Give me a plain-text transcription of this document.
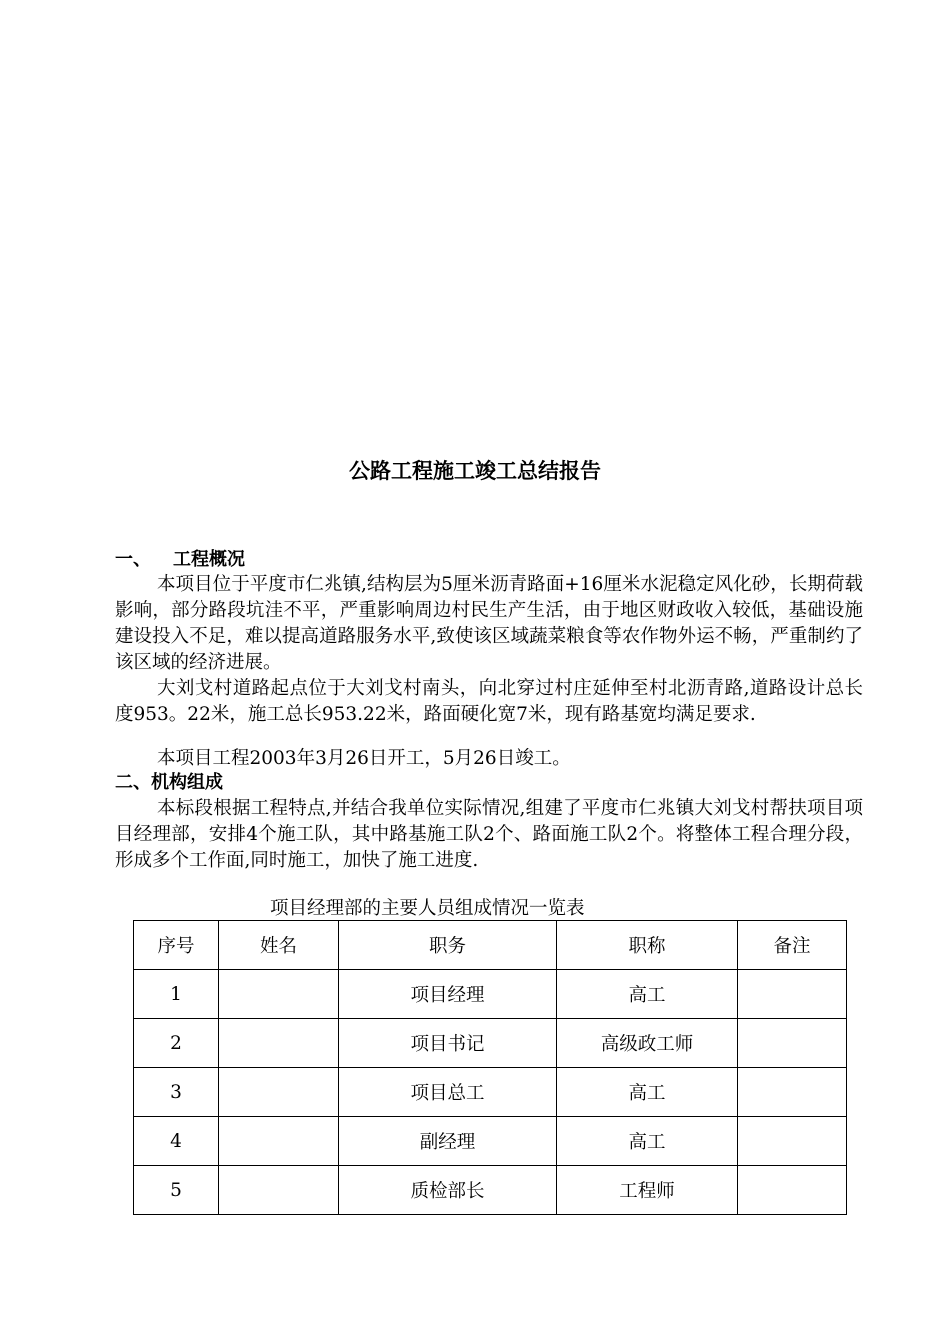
公路工程施工竣工总结报告
一、 工程概况

本项目位于平度市仁兆镇,结构层为5厘米沥青路面+16厘米水泥稳定风化砂，长期荷载影响，部分路段坑洼不平，严重影响周边村民生产生活，由于地区财政收入较低，基础设施建设投入不足，难以提高道路服务水平,致使该区域蔬菜粮食等农作物外运不畅，严重制约了该区域的经济进展。

大刘戈村道路起点位于大刘戈村南头，向北穿过村庄延伸至村北沥青路,道路设计总长度953。22米，施工总长953.22米，路面硬化宽7米，现有路基宽均满足要求.

本项目工程2003年3月26日开工，5月26日竣工。

二、机构组成

本标段根据工程特点,并结合我单位实际情况,组建了平度市仁兆镇大刘戈村帮扶项目项目经理部，安排4个施工队，其中路基施工队2个、路面施工队2个。将整体工程合理分段，形成多个工作面,同时施工，加快了施工进度.

项目经理部的主要人员组成情况一览表
序号	姓名	职务	职称	备注
1		项目经理	高工	
2		项目书记	高级政工师	
3		项目总工	高工	
4		副经理	高工	
5		质检部长	工程师	
